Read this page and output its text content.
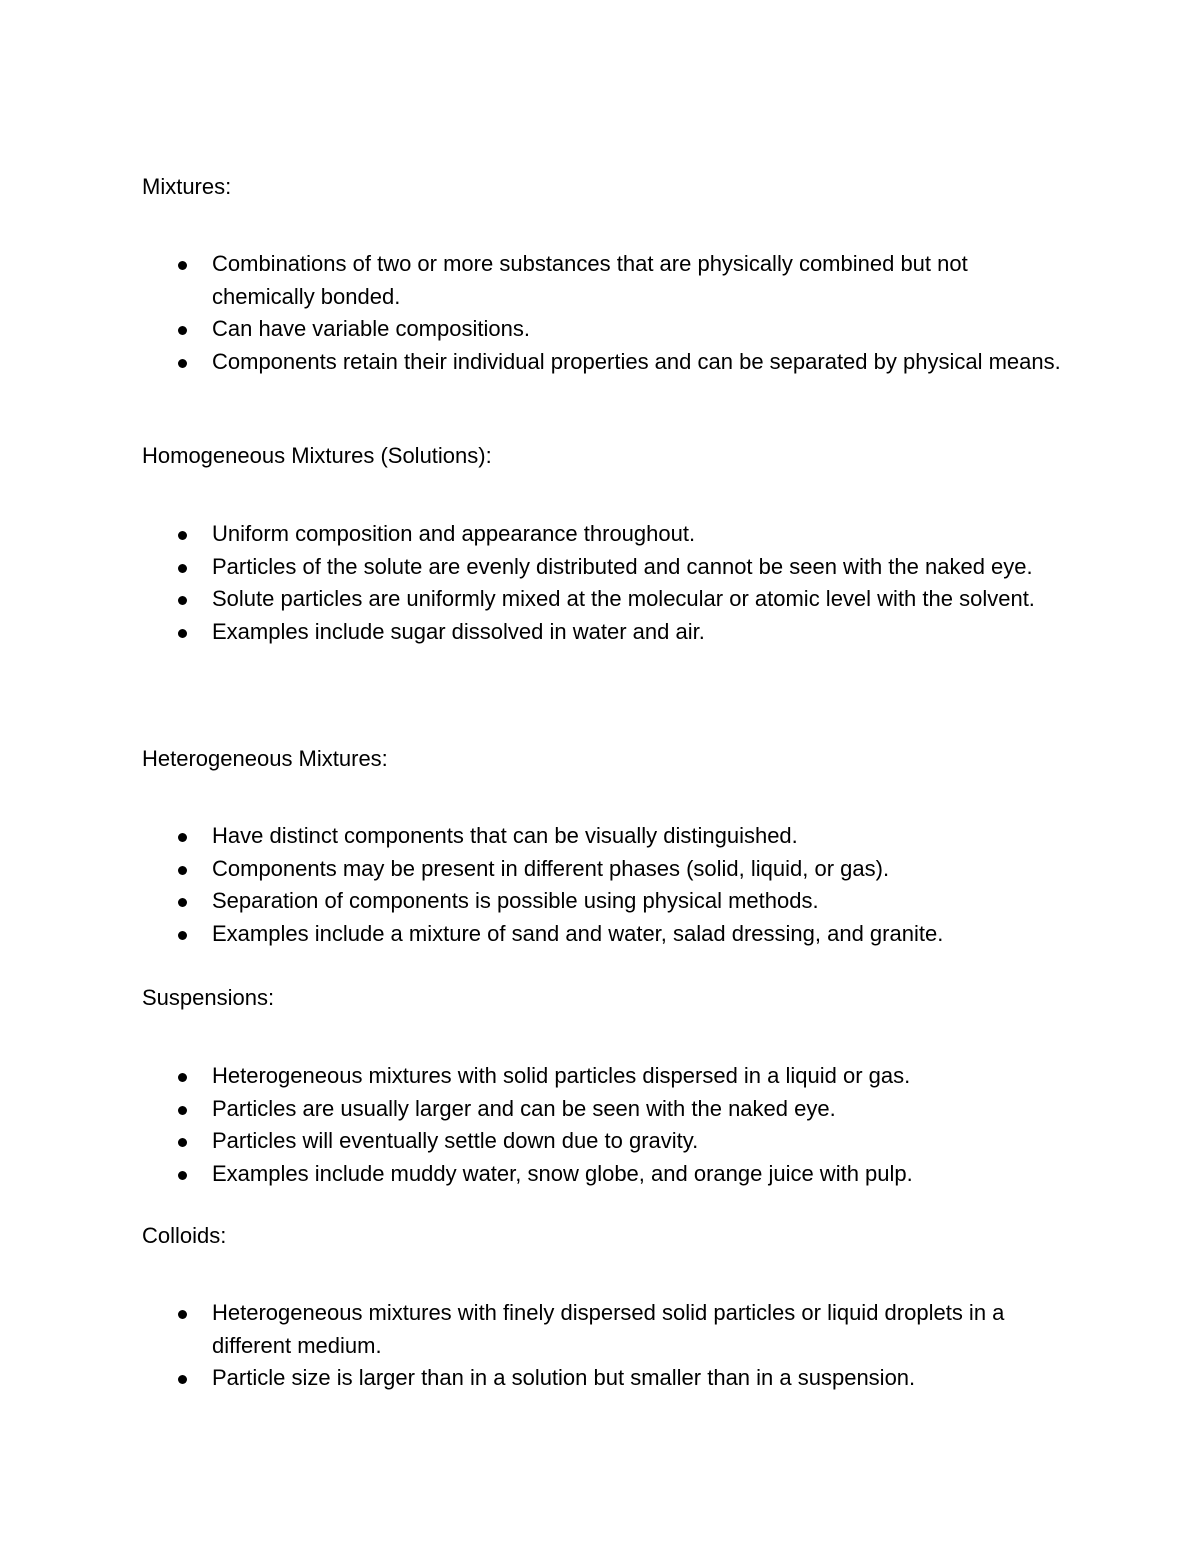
Mixtures:

Combinations of two or more substances that are physically combined but not chemically bonded.
Can have variable compositions.
Components retain their individual properties and can be separated by physical means.

Homogeneous Mixtures (Solutions):

Uniform composition and appearance throughout.
Particles of the solute are evenly distributed and cannot be seen with the naked eye.
Solute particles are uniformly mixed at the molecular or atomic level with the solvent.
Examples include sugar dissolved in water and air.

Heterogeneous Mixtures:

Have distinct components that can be visually distinguished.
Components may be present in different phases (solid, liquid, or gas).
Separation of components is possible using physical methods.
Examples include a mixture of sand and water, salad dressing, and granite.

Suspensions:

Heterogeneous mixtures with solid particles dispersed in a liquid or gas.
Particles are usually larger and can be seen with the naked eye.
Particles will eventually settle down due to gravity.
Examples include muddy water, snow globe, and orange juice with pulp.

Colloids:

Heterogeneous mixtures with finely dispersed solid particles or liquid droplets in a different medium.
Particle size is larger than in a solution but smaller than in a suspension.
